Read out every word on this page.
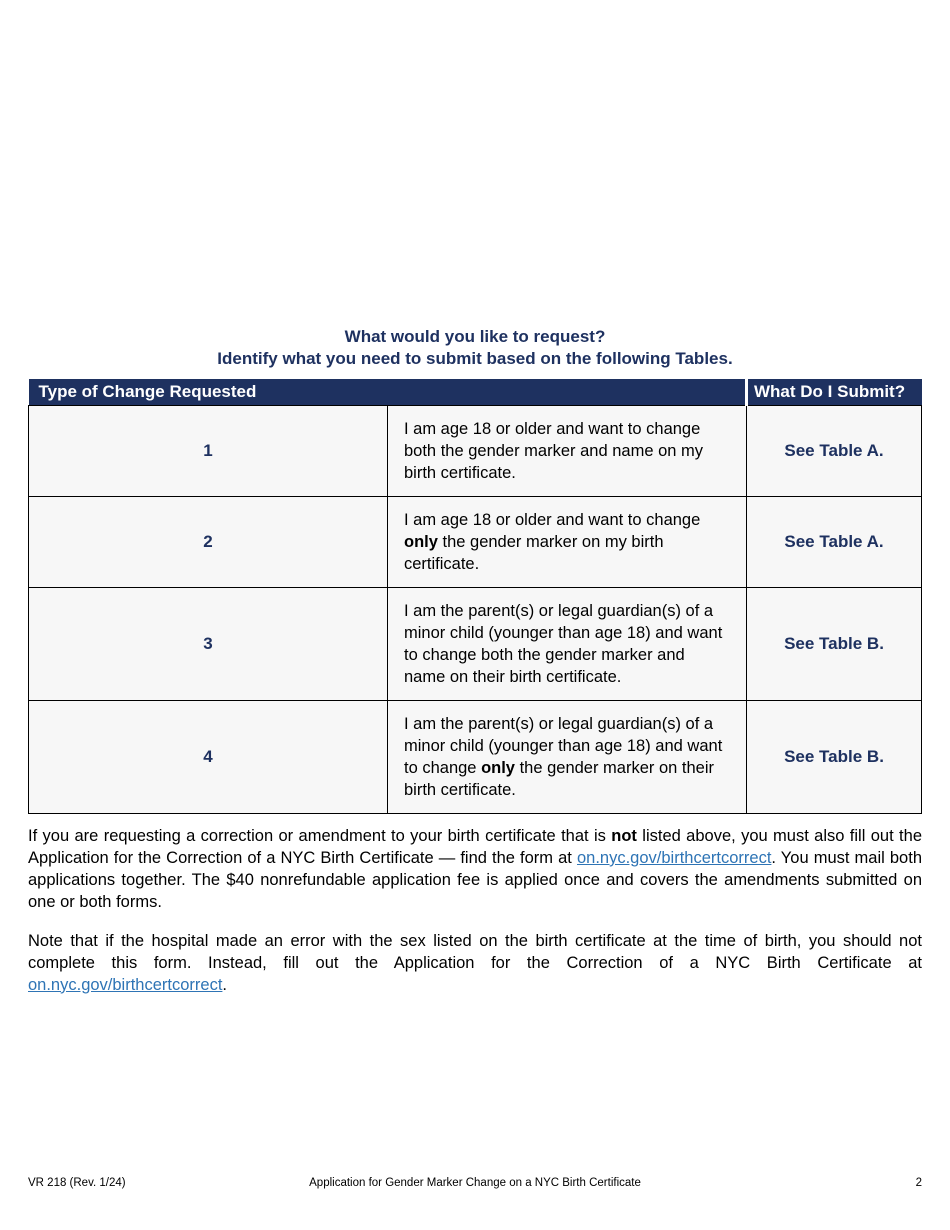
What would you like to request?
Identify what you need to submit based on the following Tables.
Type of Change Requested		What Do I Submit?
1	I am age 18 or older and want to change both the gender marker and name on my birth certificate.	See Table A.
2	I am age 18 or older and want to change only the gender marker on my birth certificate.	See Table A.
3	I am the parent(s) or legal guardian(s) of a minor child (younger than age 18) and want to change both the gender marker and name on their birth certificate.	See Table B.
4	I am the parent(s) or legal guardian(s) of a minor child (younger than age 18) and want to change only the gender marker on their birth certificate.	See Table B.

If you are requesting a correction or amendment to your birth certificate that is not listed above, you must also fill out the Application for the Correction of a NYC Birth Certificate — find the form at on.nyc.gov/birthcertcorrect. You must mail both applications together. The $40 nonrefundable application fee is applied once and covers the amendments submitted on one or both forms.

Note that if the hospital made an error with the sex listed on the birth certificate at the time of birth, you should not complete this form. Instead, fill out the Application for the Correction of a NYC Birth Certificate at on.nyc.gov/birthcertcorrect.

VR 218 (Rev. 1/24)	Application for Gender Marker Change on a NYC Birth Certificate	2
